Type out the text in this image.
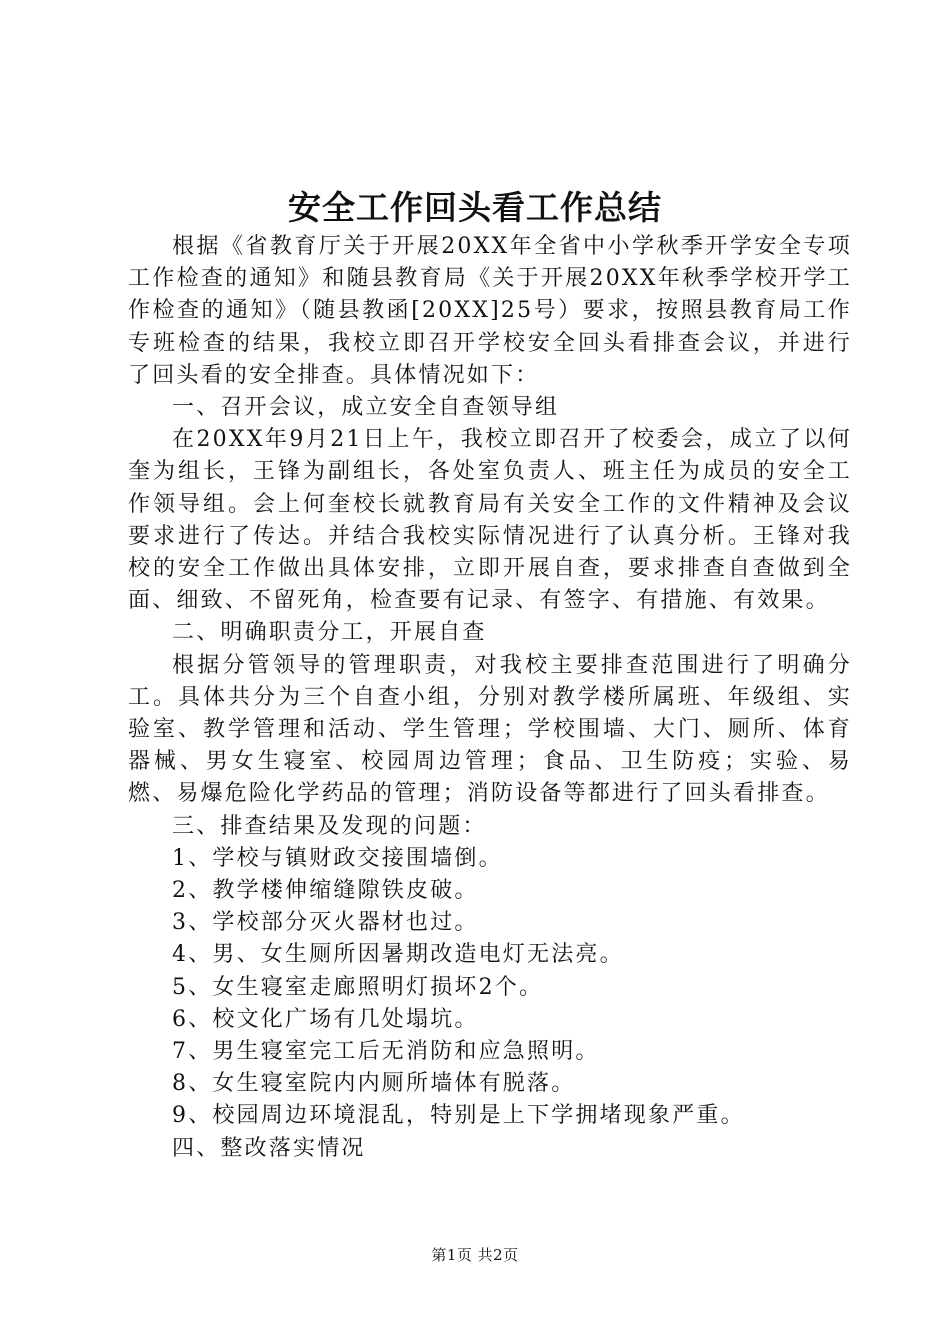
安全工作回头看工作总结

根据《省教育厅关于开展20XX年全省中小学秋季开学安全专项工作检查的通知》和随县教育局《关于开展20XX年秋季学校开学工作检查的通知》（随县教函[20XX]25号）要求，按照县教育局工作专班检查的结果，我校立即召开学校安全回头看排查会议，并进行了回头看的安全排查。具体情况如下：

一、召开会议，成立安全自查领导组

在20XX年9月21日上午，我校立即召开了校委会，成立了以何奎为组长，王锋为副组长，各处室负责人、班主任为成员的安全工作领导组。会上何奎校长就教育局有关安全工作的文件精神及会议要求进行了传达。并结合我校实际情况进行了认真分析。王锋对我校的安全工作做出具体安排，立即开展自查，要求排查自查做到全面、细致、不留死角，检查要有记录、有签字、有措施、有效果。

二、明确职责分工，开展自查

根据分管领导的管理职责，对我校主要排查范围进行了明确分工。具体共分为三个自查小组，分别对教学楼所属班、年级组、实验室、教学管理和活动、学生管理；学校围墙、大门、厕所、体育器械、男女生寝室、校园周边管理；食品、卫生防疫；实验、易燃、易爆危险化学药品的管理；消防设备等都进行了回头看排查。

三、排查结果及发现的问题：

1、学校与镇财政交接围墙倒。

2、教学楼伸缩缝隙铁皮破。

3、学校部分灭火器材也过。

4、男、女生厕所因暑期改造电灯无法亮。

5、女生寝室走廊照明灯损坏2个。

6、校文化广场有几处塌坑。

7、男生寝室完工后无消防和应急照明。

8、女生寝室院内内厕所墙体有脱落。

9、校园周边环境混乱，特别是上下学拥堵现象严重。

四、整改落实情况

第1页 共2页
